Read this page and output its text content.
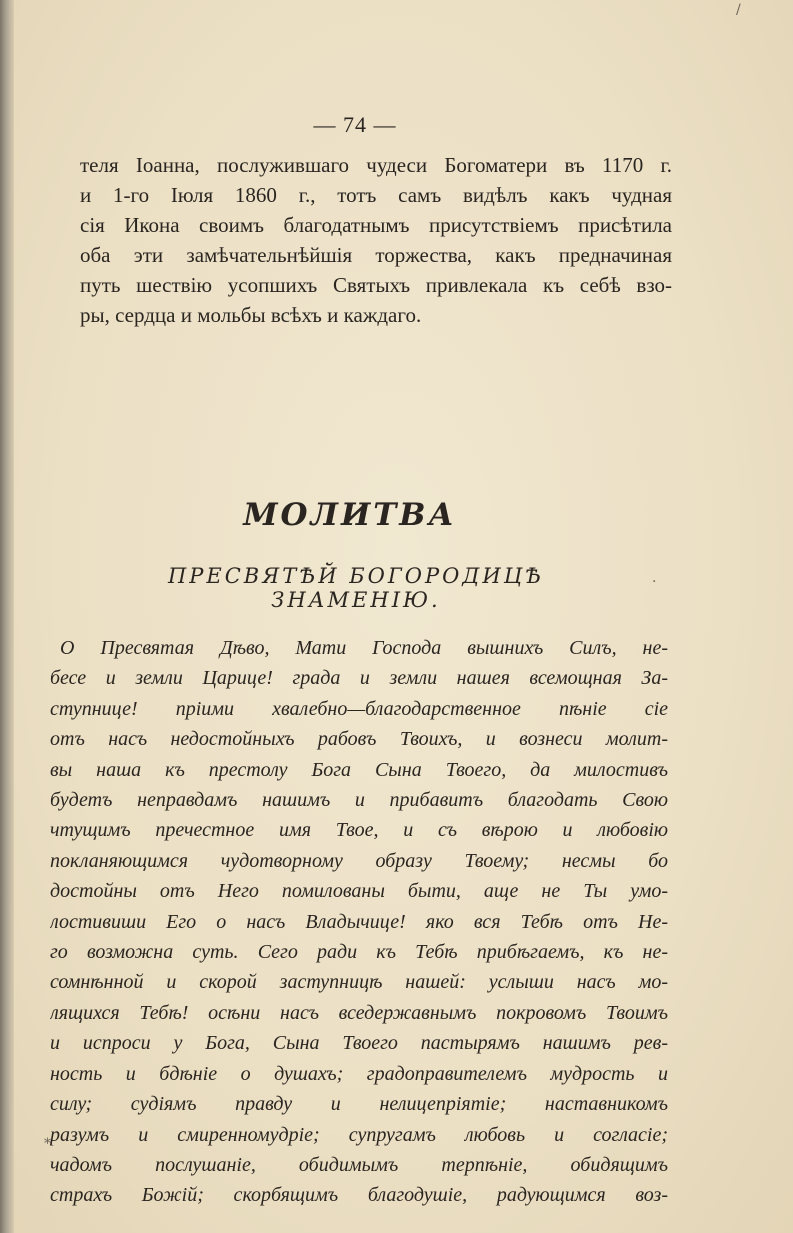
— 74 —
теля Іоанна, послужившаго чудеси Богоматери въ 1170 г.
и 1-го Іюля 1860 г., тотъ самъ видѣлъ какъ чудная
сія Икона своимъ благодатнымъ присутствіемъ присѣтила
оба эти замѣчательнѣйшія торжества, какъ предначиная
путь шествію усопшихъ Святыхъ привлекала къ себѣ взо-
ры, сердца и мольбы всѣхъ и каждаго.
МОЛИТВА
ПРЕСВЯТѢЙ БОГОРОДИЦѢ ЗНАМЕНІЮ.
О Пресвятая Дѣво, Мати Господа вышнихъ Силъ, не-
бесе и земли Царице! града и земли нашея всемощная За-
ступнице! пріими хвалебно—благодарственное пѣніе сіе
отъ насъ недостойныхъ рабовъ Твоихъ, и вознеси молит-
вы наша къ престолу Бога Сына Твоего, да милостивъ
будетъ неправдамъ нашимъ и прибавитъ благодать Свою
чтущимъ пречестное имя Твое, и съ вѣрою и любовію
покланяющимся чудотворному образу Твоему; несмы бо
достойны отъ Него помилованы быти, аще не Ты умо-
лостивиши Его о насъ Владычице! яко вся Тебѣ отъ Не-
го возможна суть. Сего ради къ Тебѣ прибѣгаемъ, къ не-
сомнѣнной и скорой заступницѣ нашей: услыши насъ мо-
лящихся Тебѣ! осѣни насъ вседержавнымъ покровомъ Твоимъ
и испроси у Бога, Сына Твоего пастырямъ нашимъ рев-
ность и бдѣніе о душахъ; градоправителемъ мудрость и
силу; судіямъ правду и нелицепріятіе; наставникомъ
разумъ и смиренномудріе; супругамъ любовь и согласіе;
чадомъ послушаніе, обидимымъ терпѣніе, обидящимъ
страхъ Божій; скорбящимъ благодушіе, радующимся воз-
/
·
*
